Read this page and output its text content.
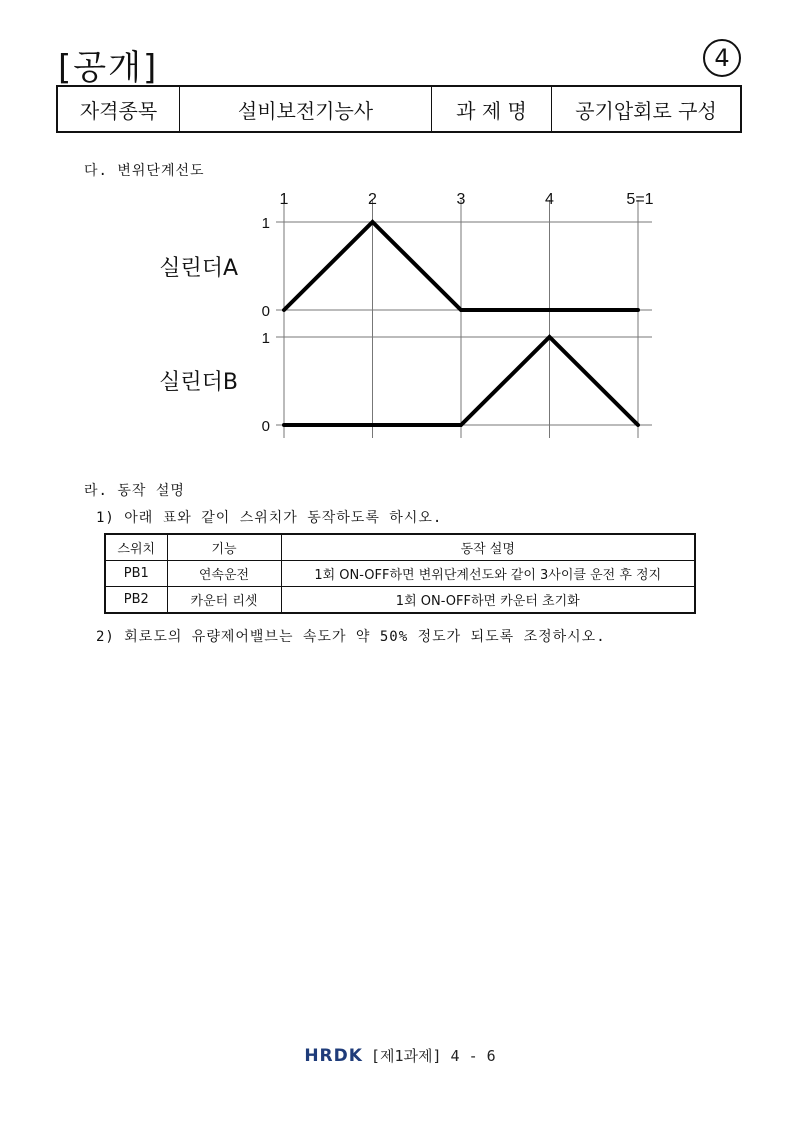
[공개]	4
자격종목	설비보전기능사	과 제 명	공기압회로 구성
다. 변위단계선도
1	2	3	4	5=1
1
0
실린더A
1
0
실린더B
라. 동작 설명
1) 아래 표와 같이 스위치가 동작하도록 하시오.
스위치	기능	동작 설명
PB1	연속운전	1회 ON-OFF하면 변위단계선도와 같이 3사이클 운전 후 정지
PB2	카운터 리셋	1회 ON-OFF하면 카운터 초기화
2) 회로도의 유량제어밸브는 속도가 약 50% 정도가 되도록 조정하시오.
HRDK [제1과제] 4 - 6
